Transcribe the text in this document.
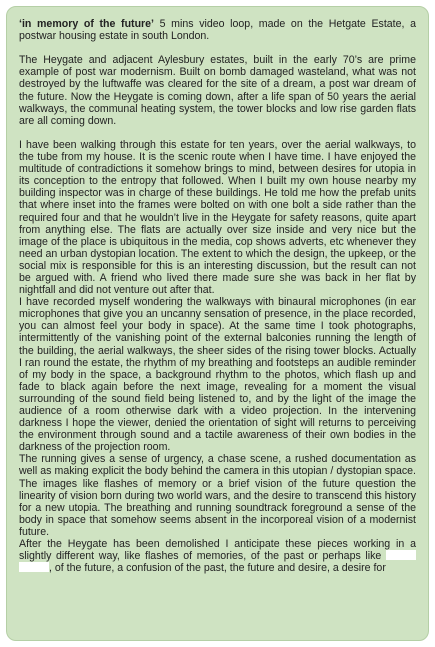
‘in memory of the future’ 5 mins video loop, made on the Hetgate Estate, a postwar housing estate in south London.

The Heygate and adjacent Aylesbury estates, built in the early 70’s are prime example of post war modernism. Built on bomb damaged wasteland, what was not destroyed by the luftwaffe was cleared for the site of a dream, a post war dream of the future. Now the Heygate is coming down, after a life span of 50 years the aerial walkways, the communal heating system, the tower blocks and low rise garden flats are all coming down.

I have been walking through this estate for ten years, over the aerial walkways, to the tube from my house. It is the scenic route when I have time. I have enjoyed the multitude of contradictions it somehow brings to mind, between desires for utopia in its conception to the entropy that followed. When I built my own house nearby my building inspector was in charge of these buildings. He told me how the prefab units that where inset into the frames were bolted on with one bolt a side rather than the required four and that he wouldn’t live in the Heygate for safety reasons, quite apart from anything else. The flats are actually over size inside and very nice but the image of the place is ubiquitous in the media, cop shows adverts, etc whenever they need an urban dystopian location. The extent to which the design, the upkeep, or the social mix is responsible for this is an interesting discussion, but the result can not be argued with. A friend who lived there made sure she was back in her flat by nightfall and did not venture out after that.

I have recorded myself wondering the walkways with binaural microphones (in ear microphones that give you an uncanny sensation of presence, in the place recorded, you can almost feel your body in space). At the same time I took photographs, intermittently of the vanishing point of the external balconies running the length of the building, the aerial walkways, the sheer sides of the rising tower blocks. Actually I ran round the estate, the rhythm of my breathing and footsteps an audible reminder of my body in the space, a background rhythm to the photos, which flash up and fade to black again before the next image, revealing for a moment the visual surrounding of the sound field being listened to, and by the light of the image the audience of a room otherwise dark with a video projection. In the intervening darkness I hope the viewer, denied the orientation of sight will returns to perceiving the environment through sound and a tactile awareness of their own bodies in the darkness of the projection room.

The running gives a sense of urgency, a chase scene, a rushed documentation as well as making explicit the body behind the camera in this utopian / dystopian space. The images like flashes of memory or a brief vision of the future question the linearity of vision born during two world wars, and the desire to transcend this history for a new utopia. The breathing and running soundtrack foreground a sense of the body in space that somehow seems absent in the incorporeal vision of a modernist future.

After the Heygate has been demolished I anticipate these pieces working in a slightly different way, like flashes of memories, of the past or perhaps like  , of the future, a confusion of the past, the future and desire, a desire for
